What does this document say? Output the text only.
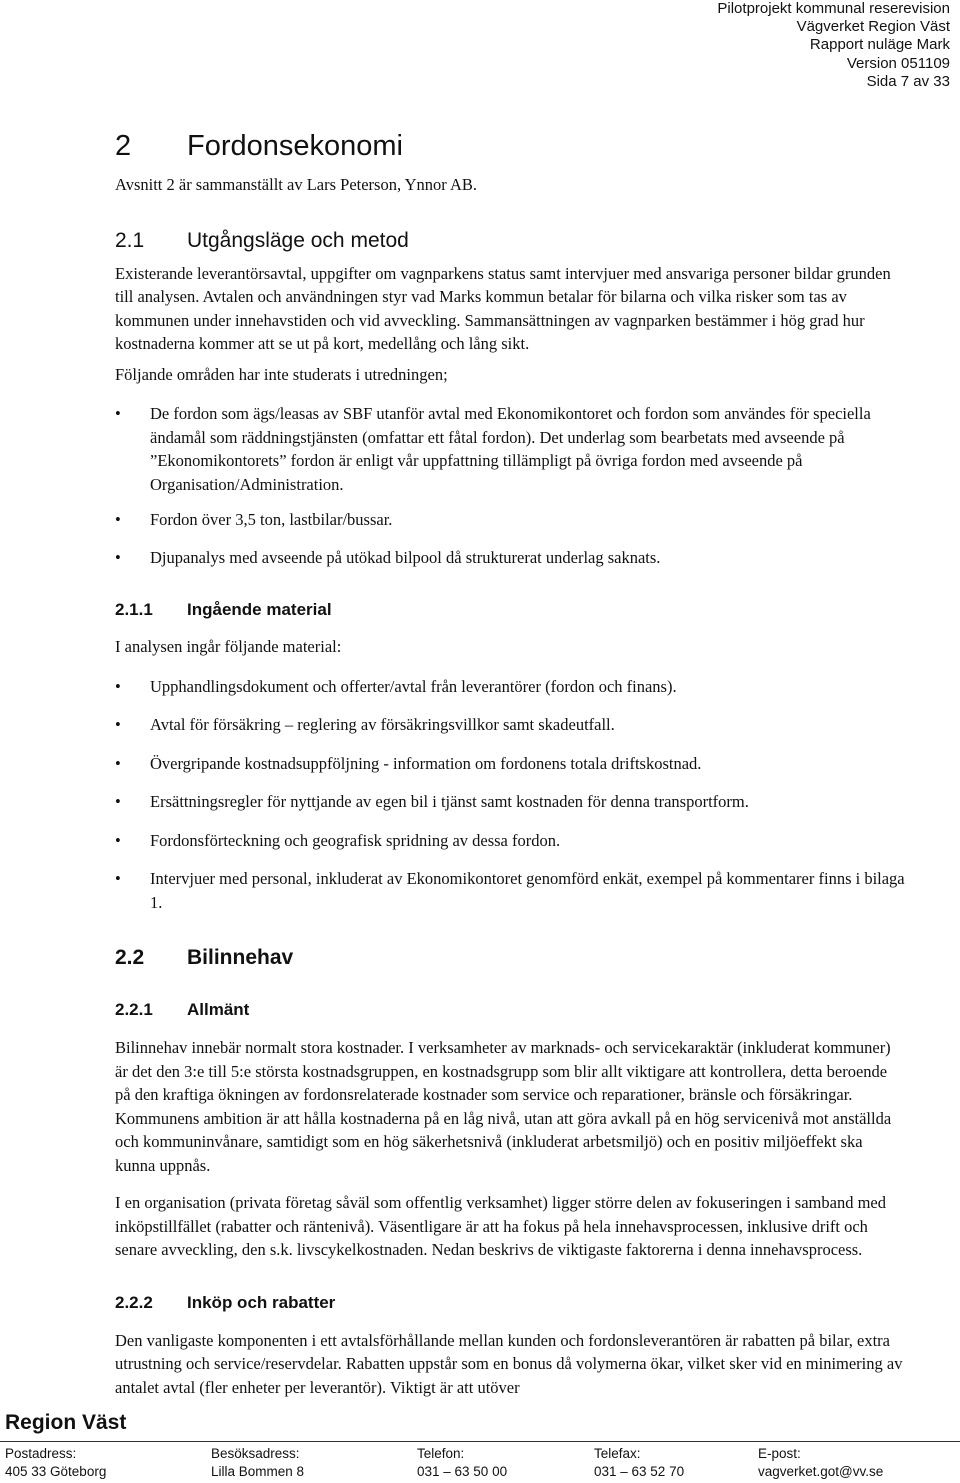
Pilotprojekt kommunal reserevision
Vägverket Region Väst
Rapport nuläge Mark
Version 051109
Sida 7 av 33
2 Fordonsekonomi

Avsnitt 2 är sammanställt av Lars Peterson, Ynnor AB.

2.1 Utgångsläge och metod

Existerande leverantörsavtal, uppgifter om vagnparkens status samt intervjuer med ansvariga personer bildar grunden till analysen. Avtalen och användningen styr vad Marks kommun betalar för bilarna och vilka risker som tas av kommunen under innehavstiden och vid avveckling. Sammansättningen av vagnparken bestämmer i hög grad hur kostnaderna kommer att se ut på kort, medellång och lång sikt.

Följande områden har inte studerats i utredningen;

• De fordon som ägs/leasas av SBF utanför avtal med Ekonomikontoret och fordon som användes för speciella ändamål som räddningstjänsten (omfattar ett fåtal fordon). Det underlag som bearbetats med avseende på ”Ekonomikontorets” fordon är enligt vår uppfattning tillämpligt på övriga fordon med avseende på Organisation/Administration.
• Fordon över 3,5 ton, lastbilar/bussar.
• Djupanalys med avseende på utökad bilpool då strukturerat underlag saknats.
2.1.1 Ingående material

I analysen ingår följande material:

• Upphandlingsdokument och offerter/avtal från leverantörer (fordon och finans).
• Avtal för försäkring – reglering av försäkringsvillkor samt skadeutfall.
• Övergripande kostnadsuppföljning - information om fordonens totala driftskostnad.
• Ersättningsregler för nyttjande av egen bil i tjänst samt kostnaden för denna transportform.
• Fordonsförteckning och geografisk spridning av dessa fordon.
• Intervjuer med personal, inkluderat av Ekonomikontoret genomförd enkät, exempel på kommentarer finns i bilaga 1.
2.2 Bilinnehav
2.2.1 Allmänt

Bilinnehav innebär normalt stora kostnader. I verksamheter av marknads- och servicekaraktär (inkluderat kommuner) är det den 3:e till 5:e största kostnadsgruppen, en kostnadsgrupp som blir allt viktigare att kontrollera, detta beroende på den kraftiga ökningen av fordonsrelaterade kostnader som service och reparationer, bränsle och försäkringar. Kommunens ambition är att hålla kostnaderna på en låg nivå, utan att göra avkall på en hög servicenivå mot anställda och kommuninvånare, samtidigt som en hög säkerhetsnivå (inkluderat arbetsmiljö) och en positiv miljöeffekt ska kunna uppnås.

I en organisation (privata företag såväl som offentlig verksamhet) ligger större delen av fokuseringen i samband med inköpstillfället (rabatter och räntenivå). Väsentligare är att ha fokus på hela innehavsprocessen, inklusive drift och senare avveckling, den s.k. livscykelkostnaden. Nedan beskrivs de viktigaste faktorerna i denna innehavsprocess.

2.2.2 Inköp och rabatter

Den vanligaste komponenten i ett avtalsförhållande mellan kunden och fordonsleverantören är rabatten på bilar, extra utrustning och service/reservdelar. Rabatten uppstår som en bonus då volymerna ökar, vilket sker vid en minimering av antalet avtal (fler enheter per leverantör). Viktigt är att utöver

Region Väst
Postadress:
405 33 Göteborg
Besöksadress:
Lilla Bommen 8
Telefon:
031 – 63 50 00
Telefax:
031 – 63 52 70
E-post:
vagverket.got@vv.se
